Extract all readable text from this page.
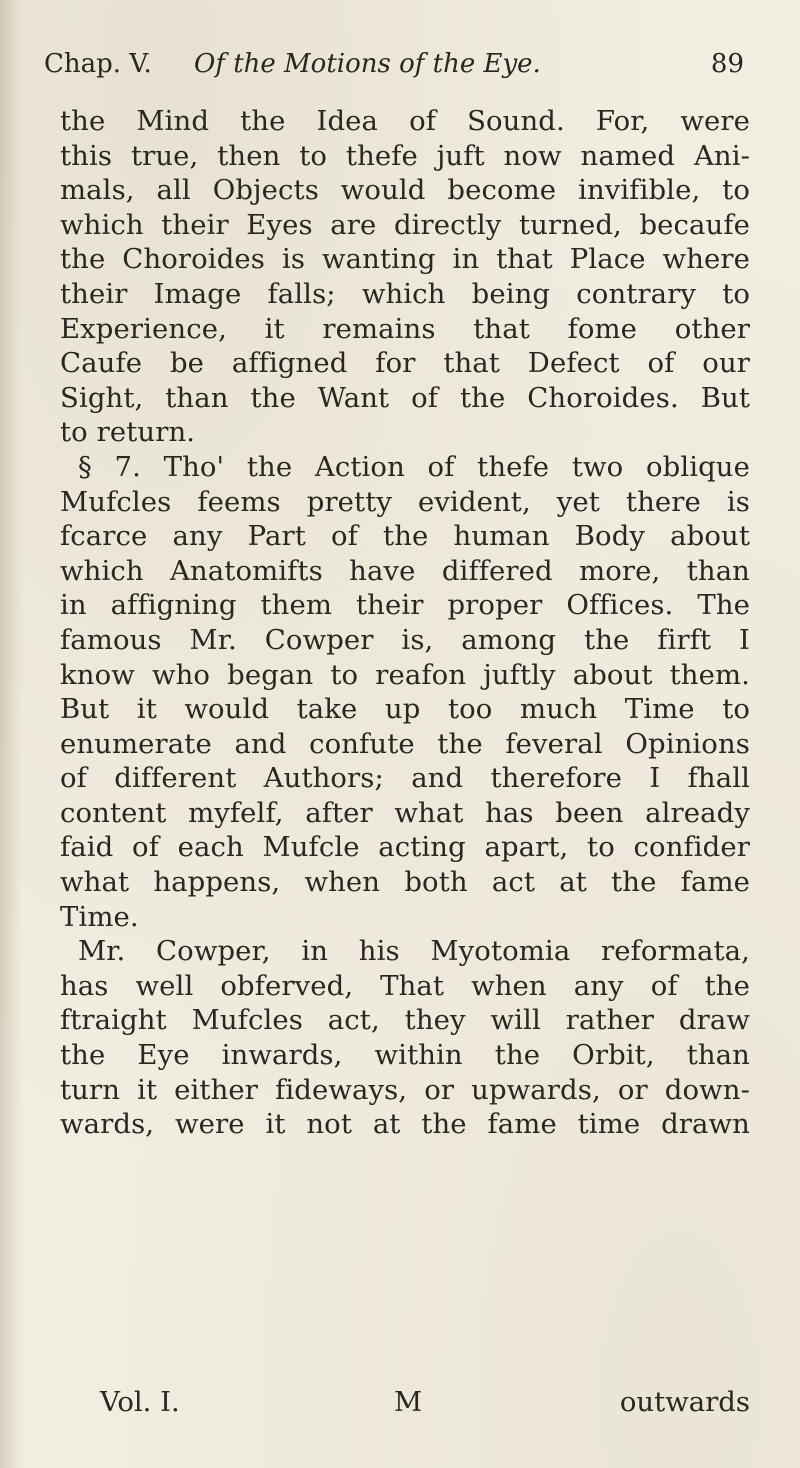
Chap. V. Of the Motions of the Eye.	89
the Mind the Idea of Sound. For, were
this true, then to thefe juft now named Ani-
mals, all Objects would become invifible, to
which their Eyes are directly turned, becaufe
the Choroides is wanting in that Place where
their Image falls; which being contrary to
Experience, it remains that fome other
Caufe be affigned for that Defect of our
Sight, than the Want of the Choroides. But
to return.
§ 7. Tho' the Action of thefe two oblique
Mufcles feems pretty evident, yet there is
fcarce any Part of the human Body about
which Anatomifts have differed more, than
in affigning them their proper Offices. The
famous Mr. Cowper is, among the firft I
know who began to reafon juftly about them.
But it would take up too much Time to
enumerate and confute the feveral Opinions
of different Authors; and therefore I fhall
content myfelf, after what has been already
faid of each Mufcle acting apart, to confider
what happens, when both act at the fame
Time.
Mr. Cowper, in his Myotomia reformata,
has well obferved, That when any of the
ftraight Mufcles act, they will rather draw
the Eye inwards, within the Orbit, than
turn it either fideways, or upwards, or down-
wards, were it not at the fame time drawn
Vol. I.	M	outwards
